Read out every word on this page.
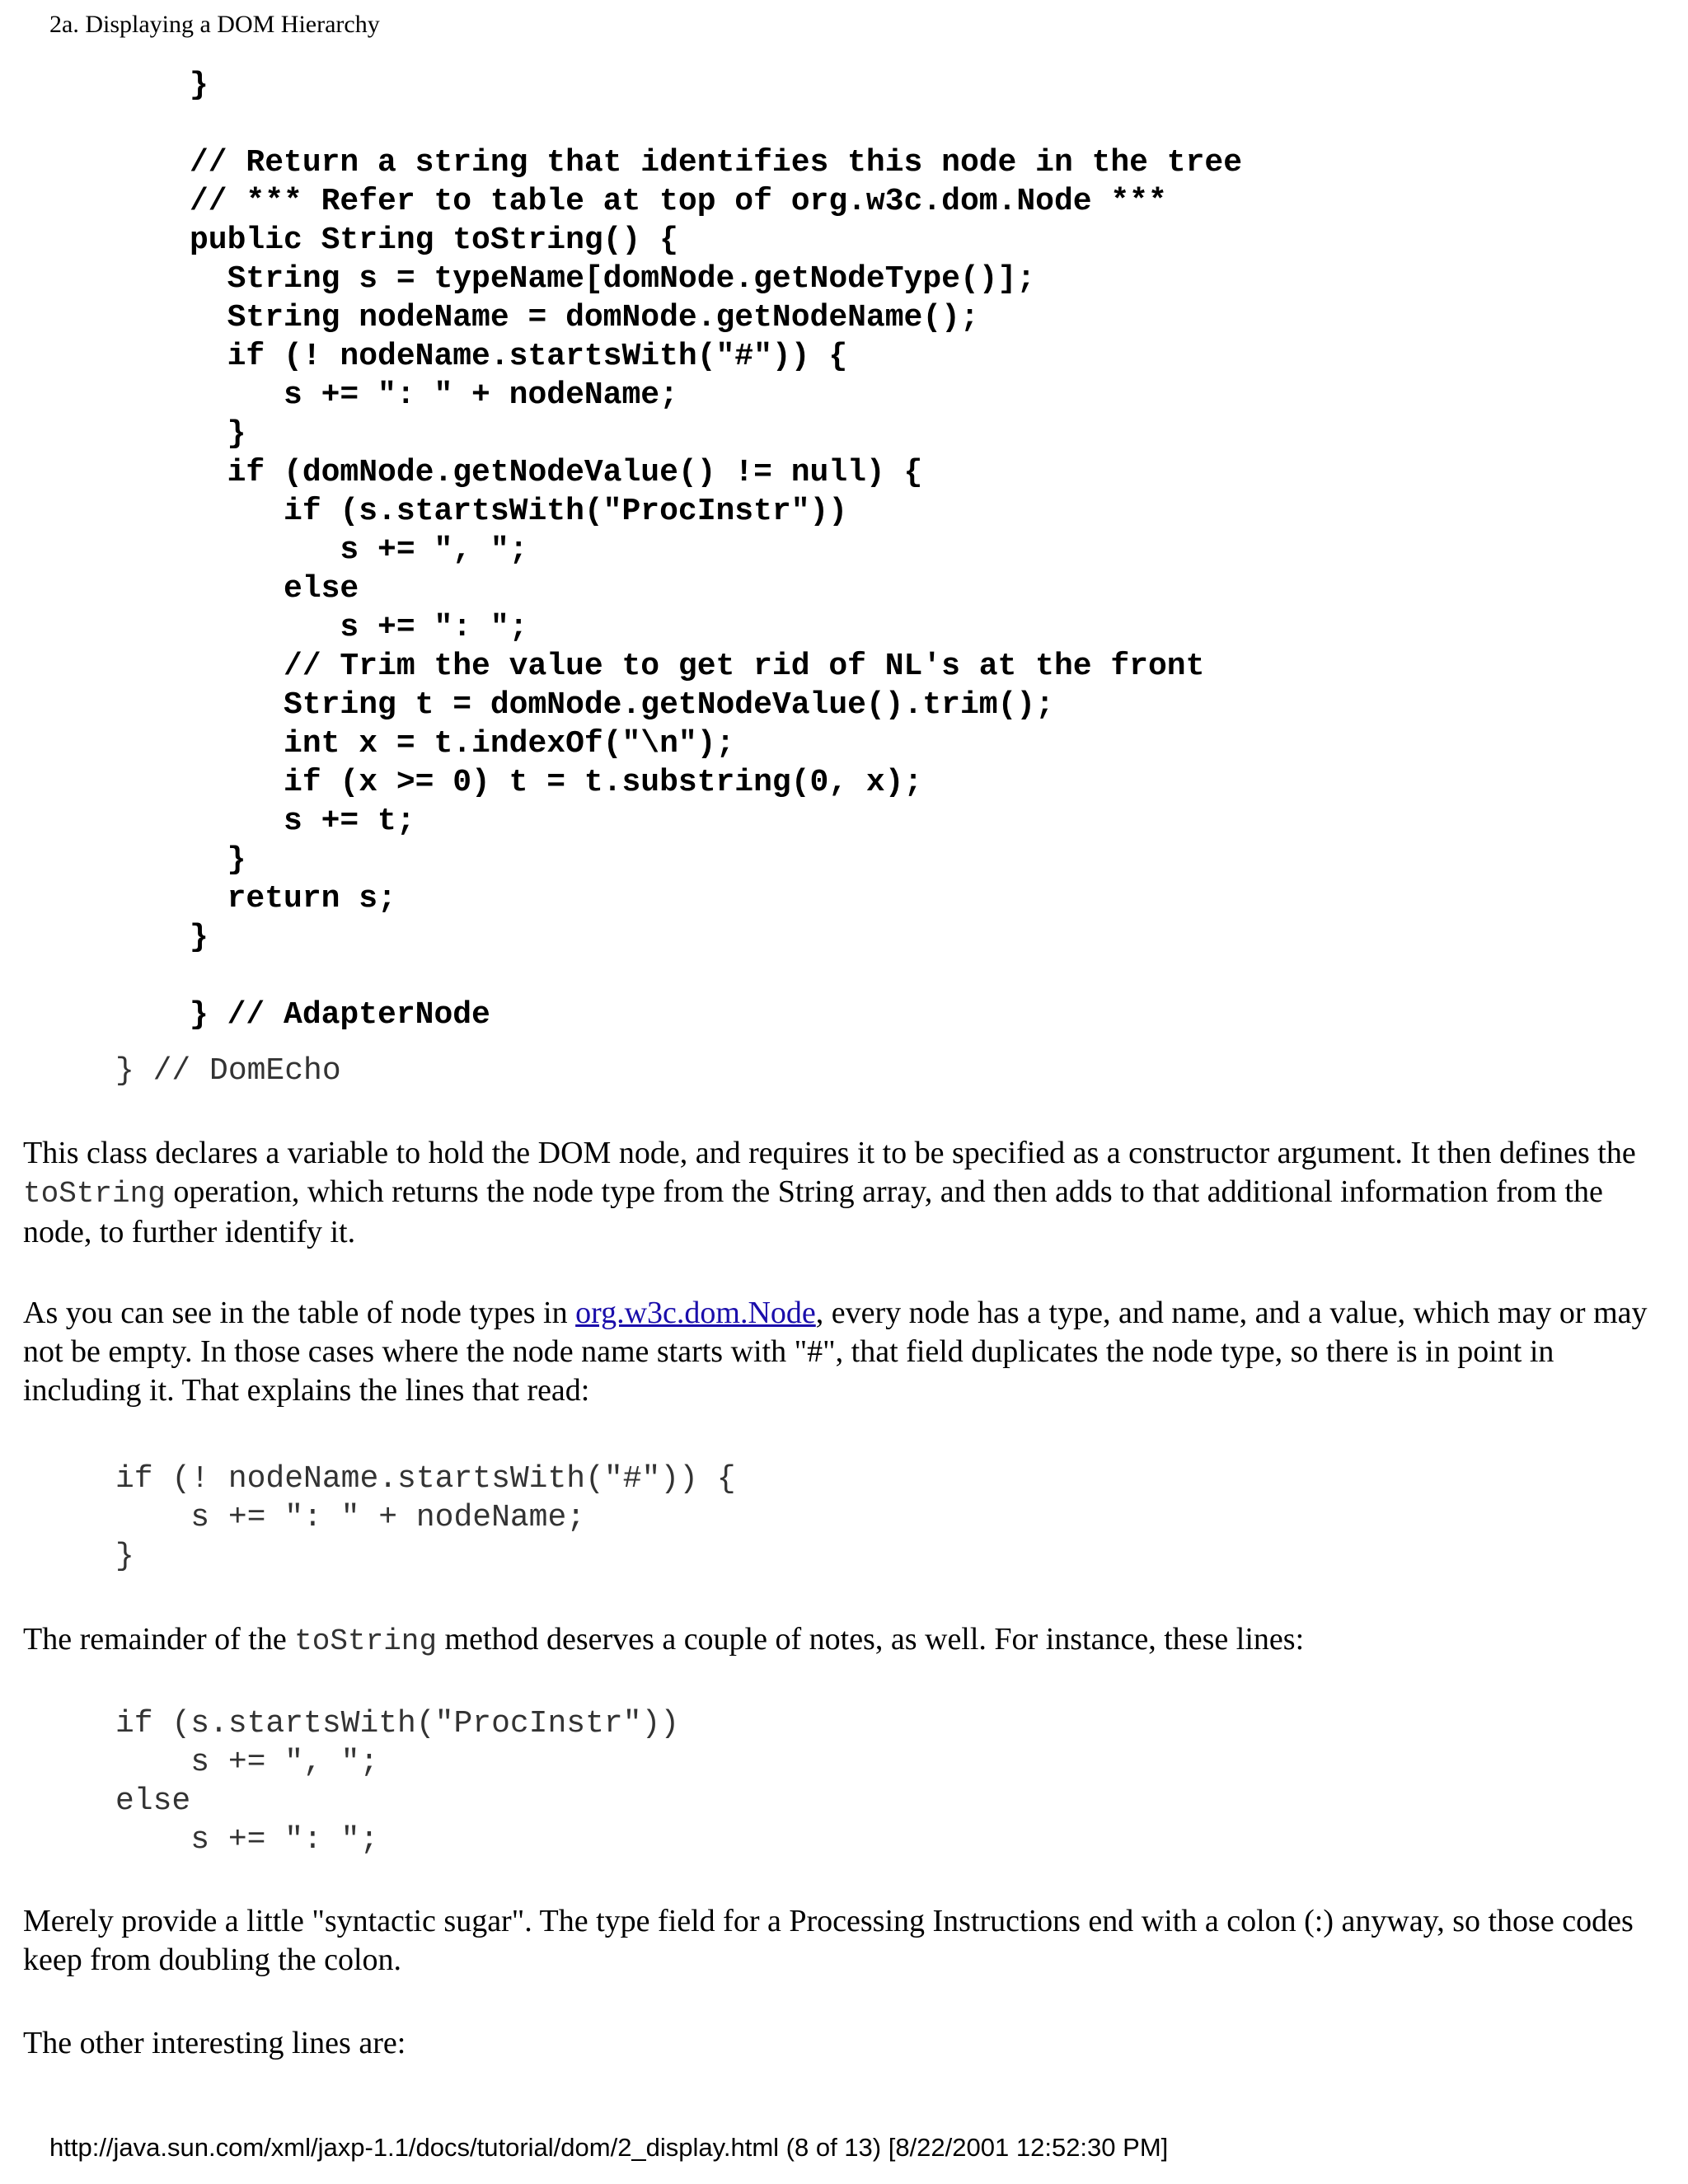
2a. Displaying a DOM Hierarchy
}

// Return a string that identifies this node in the tree
// *** Refer to table at top of org.w3c.dom.Node ***
public String toString() {
String s = typeName[domNode.getNodeType()];
String nodeName = domNode.getNodeName();
if (! nodeName.startsWith("#")) {
s += ": " + nodeName;
}
if (domNode.getNodeValue() != null) {
if (s.startsWith("ProcInstr"))
s += ", ";
else
s += ": ";
// Trim the value to get rid of NL's at the front
String t = domNode.getNodeValue().trim();
int x = t.indexOf("\n");
if (x >= 0) t = t.substring(0, x);
s += t;
}
return s;
}

} // AdapterNode
} // DomEcho

This class declares a variable to hold the DOM node, and requires it to be specified as a constructor argument. It then defines the toString operation, which returns the node type from the String array, and then adds to that additional information from the node, to further identify it.

As you can see in the table of node types in org.w3c.dom.Node, every node has a type, and name, and a value, which may or may not be empty. In those cases where the node name starts with "#", that field duplicates the node type, so there is in point in including it. That explains the lines that read:

if (! nodeName.startsWith("#")) {
s += ": " + nodeName;
}

The remainder of the toString method deserves a couple of notes, as well. For instance, these lines:

if (s.startsWith("ProcInstr"))
s += ", ";
else
s += ": ";

Merely provide a little "syntactic sugar". The type field for a Processing Instructions end with a colon (:) anyway, so those codes keep from doubling the colon.

The other interesting lines are:

http://java.sun.com/xml/jaxp-1.1/docs/tutorial/dom/2_display.html (8 of 13) [8/22/2001 12:52:30 PM]
